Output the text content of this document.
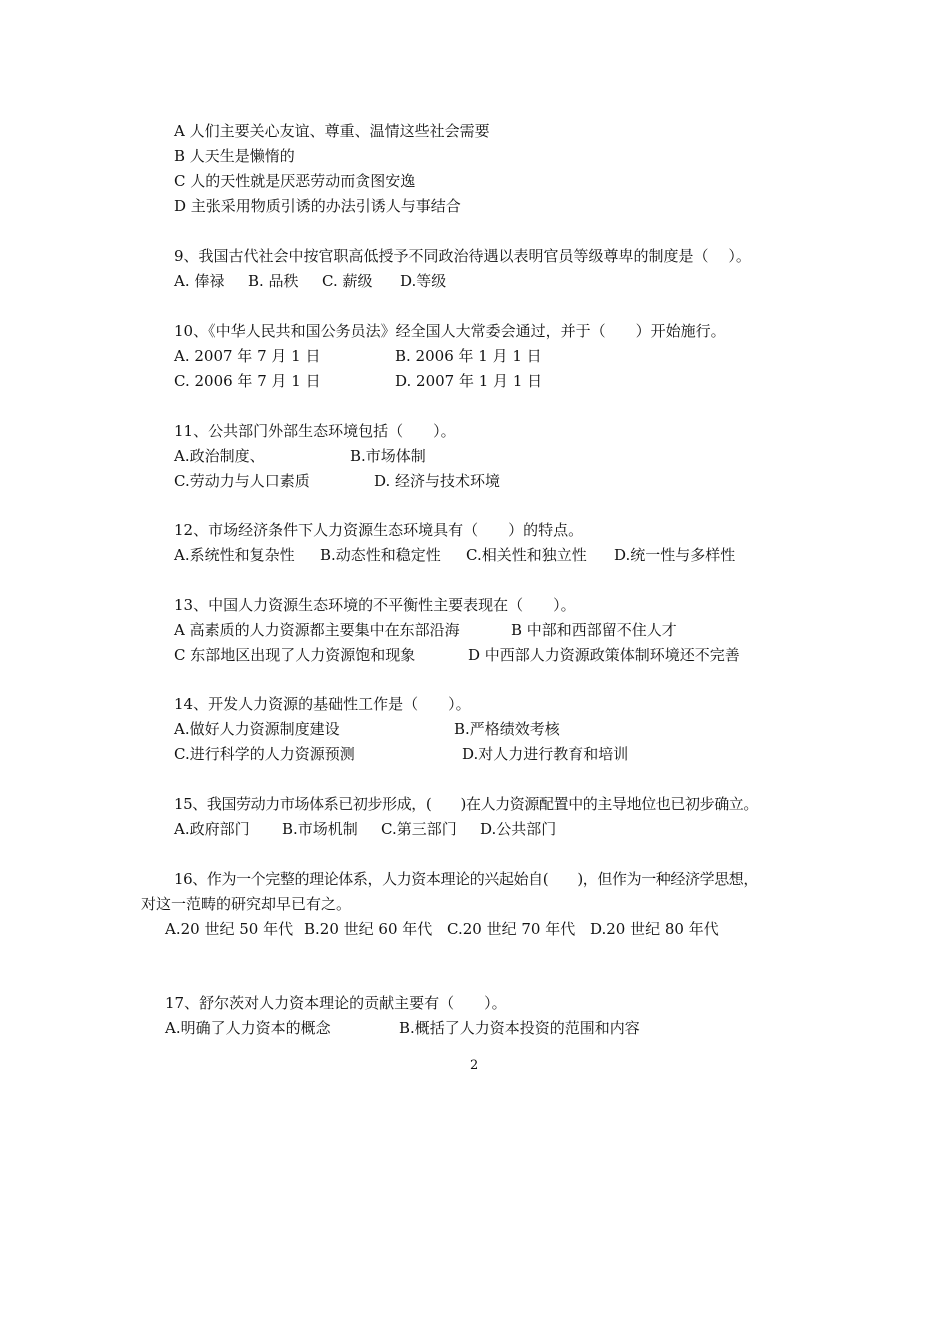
A 人们主要关心友谊、尊重、温情这些社会需要
B 人天生是懒惰的
C 人的天性就是厌恶劳动而贪图安逸
D 主张采用物质引诱的办法引诱人与事结合
9、我国古代社会中按官职高低授予不同政治待遇以表明官员等级尊卑的制度是（　 ）。
A. 俸禄 B. 品秩 C. 薪级 D.等级
10、《中华人民共和国公务员法》经全国人大常委会通过，并于（　　）开始施行。
A. 2007 年 7 月 1 日	B. 2006 年 1 月 1 日
C. 2006 年 7 月 1 日	D. 2007 年 1 月 1 日
11、公共部门外部生态环境包括（　　）。
A.政治制度、	B.市场体制
C.劳动力与人口素质	D. 经济与技术环境
12、市场经济条件下人力资源生态环境具有（　　）的特点。
A.系统性和复杂性 B.动态性和稳定性 C.相关性和独立性 D.统一性与多样性
13、中国人力资源生态环境的不平衡性主要表现在（　　）。
A 高素质的人力资源都主要集中在东部沿海	B 中部和西部留不住人才
C 东部地区出现了人力资源饱和现象	D 中西部人力资源政策体制环境还不完善
14、开发人力资源的基础性工作是（　　）。
A.做好人力资源制度建设	B.严格绩效考核
C.进行科学的人力资源预测	D.对人力进行教育和培训
15、我国劳动力市场体系已初步形成，(　　)在人力资源配置中的主导地位也已初步确立。
A.政府部门 B.市场机制 C.第三部门 D.公共部门
16、作为一个完整的理论体系，人力资本理论的兴起始自(　　)，但作为一种经济学思想，
对这一范畴的研究却早已有之。
A.20 世纪 50 年代 B.20 世纪 60 年代 C.20 世纪 70 年代 D.20 世纪 80 年代
17、舒尔茨对人力资本理论的贡献主要有（　　）。
A.明确了人力资本的概念	B.概括了人力资本投资的范围和内容
2
